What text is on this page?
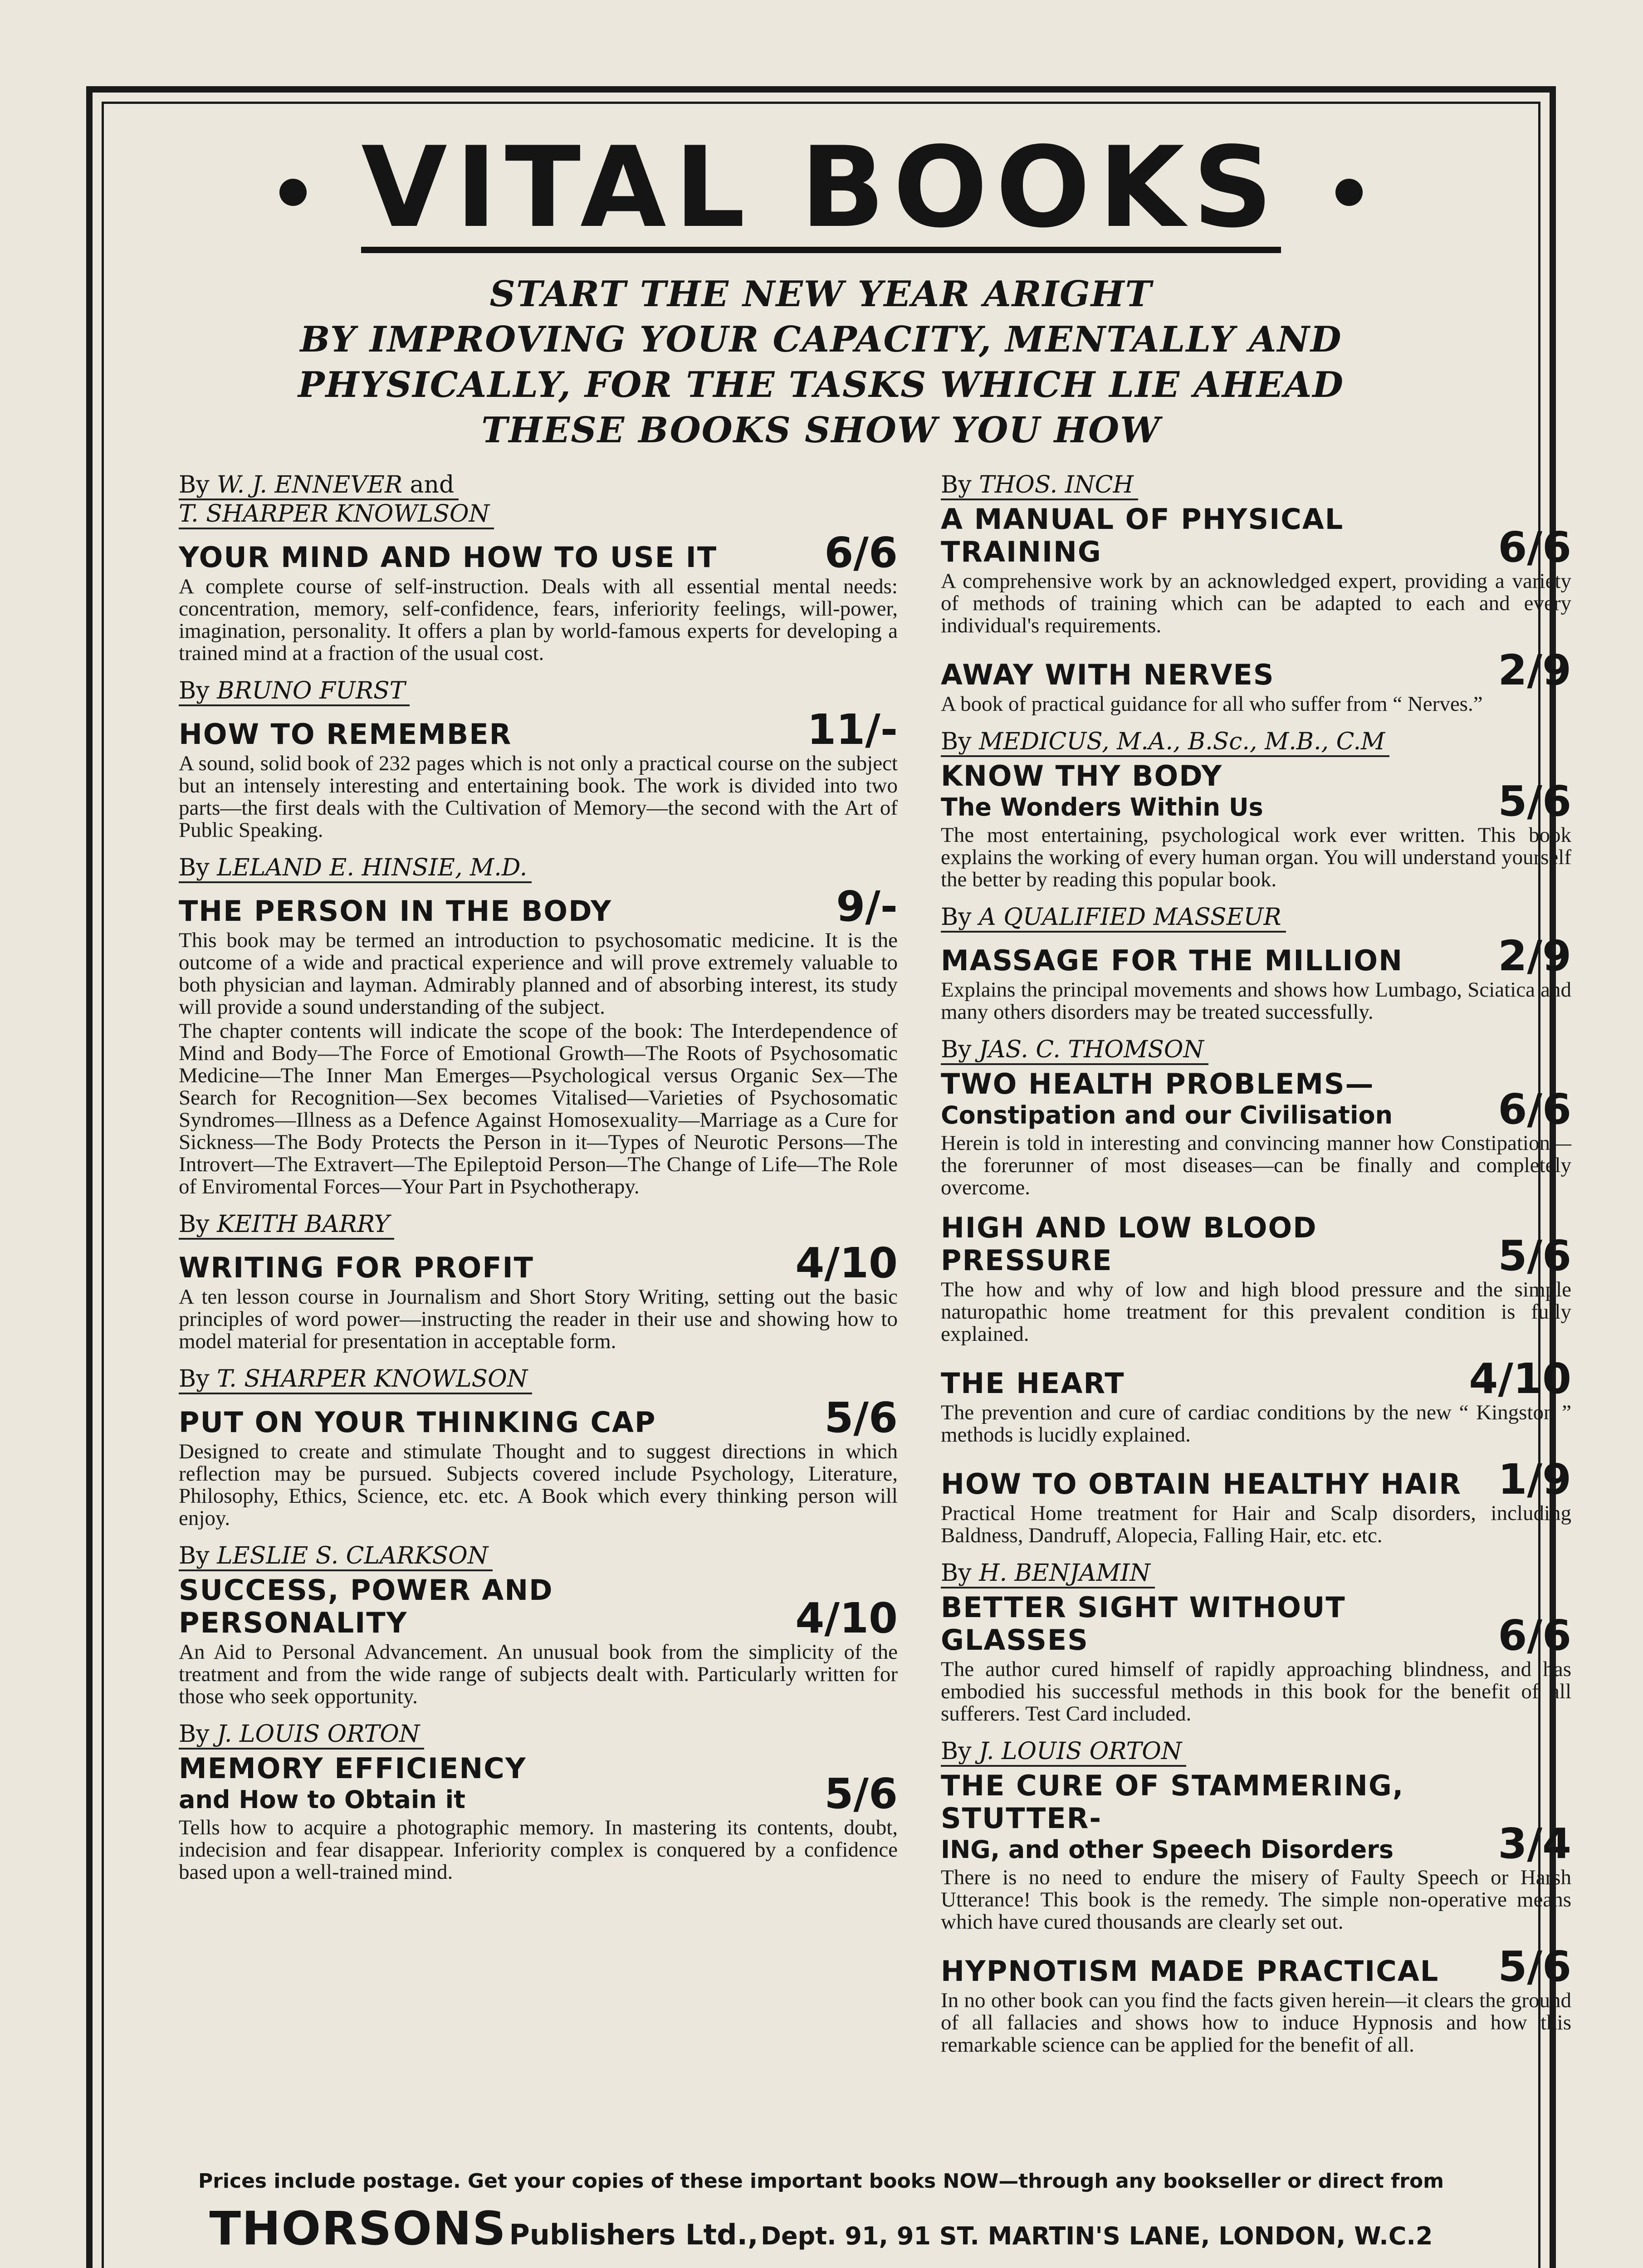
VITAL BOOKS
START THE NEW YEAR ARIGHT
BY IMPROVING YOUR CAPACITY, MENTALLY AND
PHYSICALLY, FOR THE TASKS WHICH LIE AHEAD
THESE BOOKS SHOW YOU HOW
By W. J. ENNEVER and
T. SHARPER KNOWLSON
YOUR MIND AND HOW TO USE IT	6/6
A complete course of self-instruction. Deals with all essential mental needs: concentration, memory, self-confidence, fears, inferiority feelings, will-power, imagination, personality. It offers a plan by world-famous experts for developing a trained mind at a fraction of the usual cost.
By BRUNO FURST
HOW TO REMEMBER	11/-
A sound, solid book of 232 pages which is not only a practical course on the subject but an intensely interesting and entertaining book. The work is divided into two parts—the first deals with the Cultivation of Memory—the second with the Art of Public Speaking.
By LELAND E. HINSIE, M.D.
THE PERSON IN THE BODY	9/-
This book may be termed an introduction to psychosomatic medicine. It is the outcome of a wide and practical experience and will prove extremely valuable to both physician and layman. Admirably planned and of absorbing interest, its study will provide a sound understanding of the subject.
The chapter contents will indicate the scope of the book: The Interdependence of Mind and Body—The Force of Emotional Growth—The Roots of Psychosomatic Medicine—The Inner Man Emerges—Psychological versus Organic Sex—The Search for Recognition—Sex becomes Vitalised—Varieties of Psychosomatic Syndromes—Illness as a Defence Against Homosexuality—Marriage as a Cure for Sickness—The Body Protects the Person in it—Types of Neurotic Persons—The Introvert—The Extravert—The Epileptoid Person—The Change of Life—The Role of Enviromental Forces—Your Part in Psychotherapy.
By KEITH BARRY
WRITING FOR PROFIT	4/10
A ten lesson course in Journalism and Short Story Writing, setting out the basic principles of word power—instructing the reader in their use and showing how to model material for presentation in acceptable form.
By T. SHARPER KNOWLSON
PUT ON YOUR THINKING CAP	5/6
Designed to create and stimulate Thought and to suggest directions in which reflection may be pursued. Subjects covered include Psychology, Literature, Philosophy, Ethics, Science, etc. etc. A Book which every thinking person will enjoy.
By LESLIE S. CLARKSON
SUCCESS, POWER AND PERSONALITY	4/10
An Aid to Personal Advancement. An unusual book from the simplicity of the treatment and from the wide range of subjects dealt with. Particularly written for those who seek opportunity.
By J. LOUIS ORTON
MEMORY EFFICIENCY
and How to Obtain it	5/6
Tells how to acquire a photographic memory. In mastering its contents, doubt, indecision and fear disappear. Inferiority complex is conquered by a confidence based upon a well-trained mind.
By THOS. INCH
A MANUAL OF PHYSICAL TRAINING	6/6
A comprehensive work by an acknowledged expert, providing a variety of methods of training which can be adapted to each and every individual's requirements.
AWAY WITH NERVES	2/9
A book of practical guidance for all who suffer from “ Nerves.”
By MEDICUS, M.A., B.Sc., M.B., C.M
KNOW THY BODY
The Wonders Within Us	5/6
The most entertaining, psychological work ever written. This book explains the working of every human organ. You will understand yourself the better by reading this popular book.
By A QUALIFIED MASSEUR
MASSAGE FOR THE MILLION 2/9
Explains the principal movements and shows how Lumbago, Sciatica and many others disorders may be treated successfully.
By JAS. C. THOMSON
TWO HEALTH PROBLEMS—
Constipation and our Civilisation	6/6
Herein is told in interesting and convincing manner how Constipation—the forerunner of most diseases—can be finally and completely overcome.
HIGH AND LOW BLOOD PRESSURE	5/6
The how and why of low and high blood pressure and the simple naturopathic home treatment for this prevalent condition is fully explained.
THE HEART	4/10
The prevention and cure of cardiac conditions by the new “ Kingston ” methods is lucidly explained.
HOW TO OBTAIN HEALTHY HAIR 1/9
Practical Home treatment for Hair and Scalp disorders, including Baldness, Dandruff, Alopecia, Falling Hair, etc. etc.
By H. BENJAMIN
BETTER SIGHT WITHOUT GLASSES	6/6
The author cured himself of rapidly approaching blindness, and has embodied his successful methods in this book for the benefit of all sufferers. Test Card included.
By J. LOUIS ORTON
THE CURE OF STAMMERING, STUTTER-
ING, and other Speech Disorders	3/4
There is no need to endure the misery of Faulty Speech or Harsh Utterance! This book is the remedy. The simple non-operative means which have cured thousands are clearly set out.
HYPNOTISM MADE PRACTICAL 5/6
In no other book can you find the facts given herein—it clears the ground of all fallacies and shows how to induce Hypnosis and how this remarkable science can be applied for the benefit of all.
Prices include postage. Get your copies of these important books NOW—through any bookseller or direct from
THORSONS Publishers Ltd., Dept. 91, 91 ST. MARTIN'S LANE, LONDON, W.C.2
